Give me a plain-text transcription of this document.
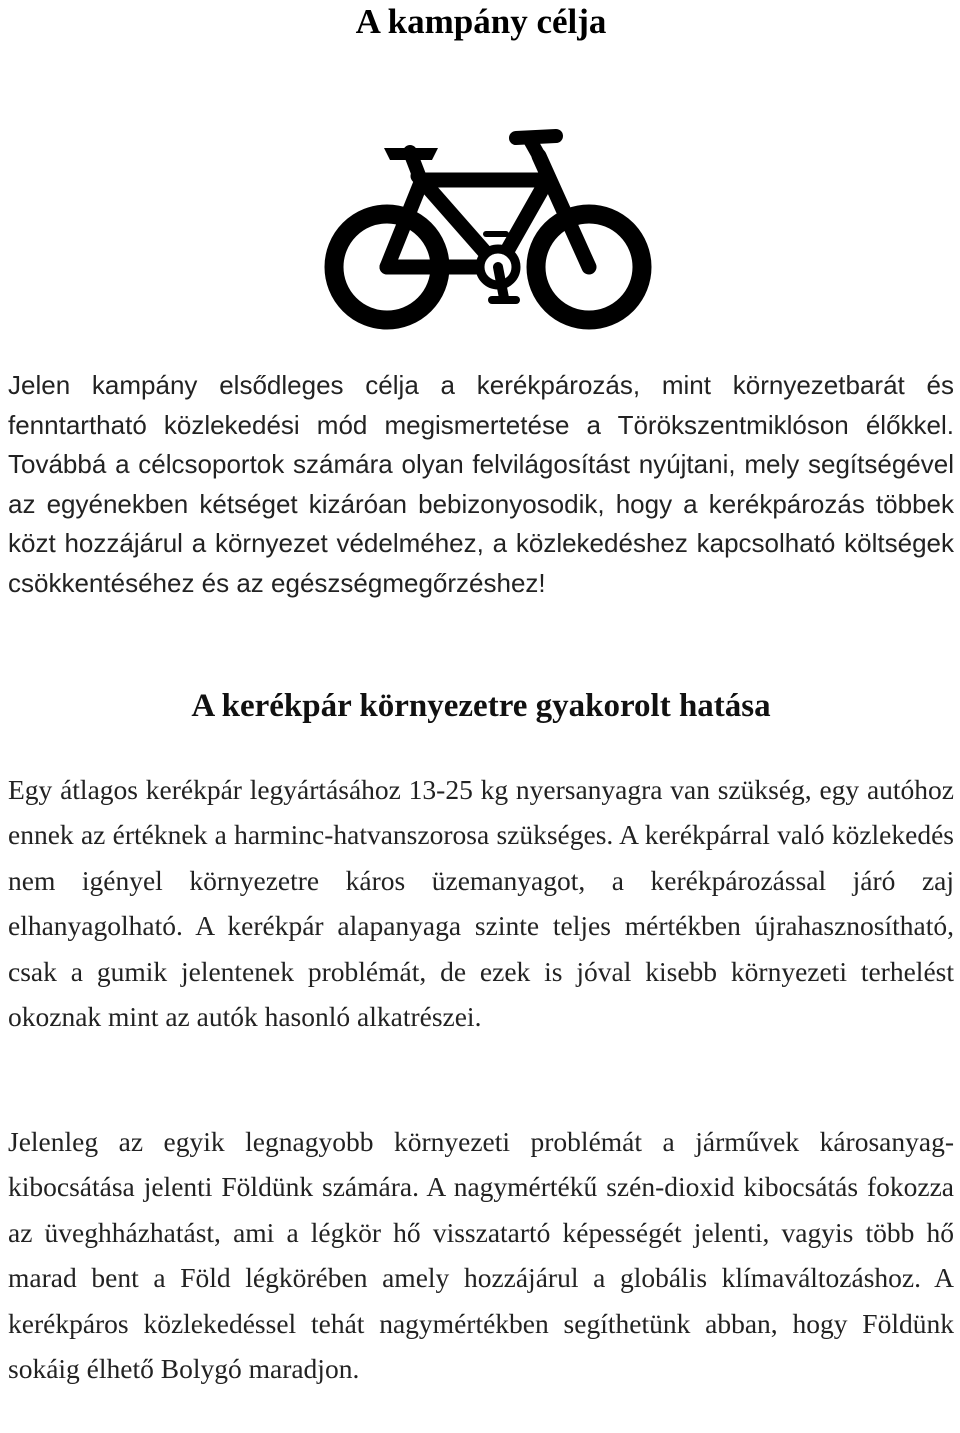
A kampány célja

Jelen kampány elsődleges célja a kerékpározás, mint környezetbarát és fenntartható közlekedési mód megismertetése a Törökszentmiklóson élőkkel. Továbbá a célcsoportok számára olyan felvilágosítást nyújtani, mely segítségével az egyénekben kétséget kizáróan bebizonyosodik, hogy a kerékpározás többek közt hozzájárul a környezet védelméhez, a közlekedéshez kapcsolható költségek csökkentéséhez és az egészségmegőrzéshez!

A kerékpár környezetre gyakorolt hatása

Egy átlagos kerékpár legyártásához 13-25 kg nyersanyagra van szükség, egy autóhoz ennek az értéknek a harminc-hatvanszorosa szükséges. A kerékpárral való közlekedés nem igényel környezetre káros üzemanyagot, a kerékpározással járó zaj elhanyagolható. A kerékpár alapanyaga szinte teljes mértékben újrahasznosítható, csak a gumik jelentenek problémát, de ezek is jóval kisebb környezeti terhelést okoznak mint az autók hasonló alkatrészei.

Jelenleg az egyik legnagyobb környezeti problémát a járművek károsanyag-kibocsátása jelenti Földünk számára. A nagymértékű szén-dioxid kibocsátás fokozza az üveghházhatást, ami a légkör hő visszatartó képességét jelenti, vagyis több hő marad bent a Föld légkörében amely hozzájárul a globális klímaváltozáshoz. A kerékpáros közlekedéssel tehát nagymértékben segíthetünk abban, hogy Földünk sokáig élhető Bolygó maradjon.
